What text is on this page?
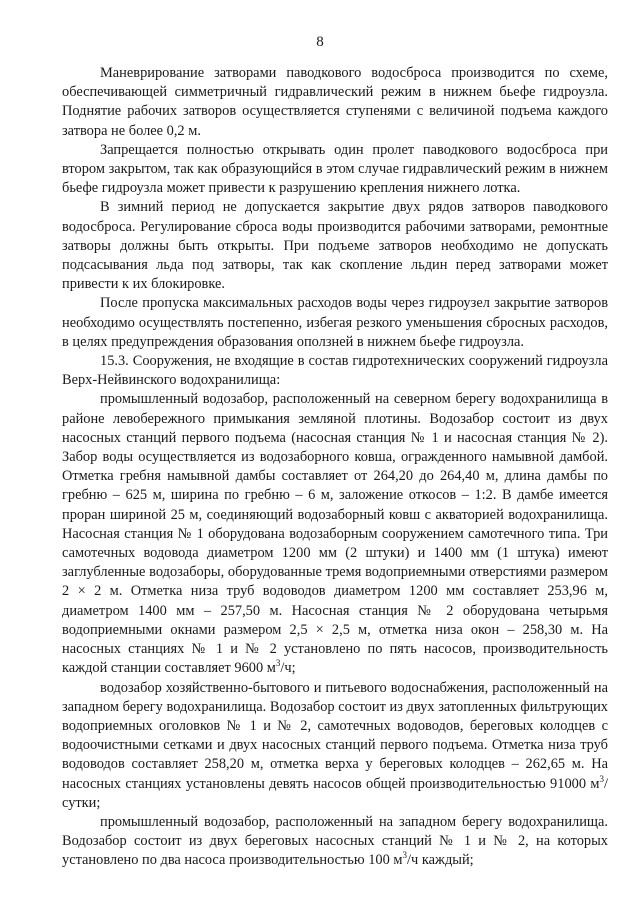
8

Маневрирование затворами паводкового водосброса производится по схеме, обеспечивающей симметричный гидравлический режим в нижнем бьефе гидроузла. Поднятие рабочих затворов осуществляется ступенями с величиной подъема каждого затвора не более 0,2 м.

Запрещается полностью открывать один пролет паводкового водосброса при втором закрытом, так как образующийся в этом случае гидравлический режим в нижнем бьефе гидроузла может привести к разрушению крепления нижнего лотка.

В зимний период не допускается закрытие двух рядов затворов паводкового водосброса. Регулирование сброса воды производится рабочими затворами, ремонтные затворы должны быть открыты. При подъеме затворов необходимо не допускать подсасывания льда под затворы, так как скопление льдин перед затворами может привести к их блокировке.

После пропуска максимальных расходов воды через гидроузел закрытие затворов необходимо осуществлять постепенно, избегая резкого уменьшения сбросных расходов, в целях предупреждения образования оползней в нижнем бьефе гидроузла.

15.3. Сооружения, не входящие в состав гидротехнических сооружений гидроузла Верх-Нейвинского водохранилища:

промышленный водозабор, расположенный на северном берегу водохранилища в районе левобережного примыкания земляной плотины. Водозабор состоит из двух насосных станций первого подъема (насосная станция № 1 и насосная станция № 2). Забор воды осуществляется из водозаборного ковша, огражденного намывной дамбой. Отметка гребня намывной дамбы составляет от 264,20 до 264,40 м, длина дамбы по гребню – 625 м, ширина по гребню – 6 м, заложение откосов – 1:2. В дамбе имеется проран шириной 25 м, соединяющий водозаборный ковш с акваторией водохранилища. Насосная станция № 1 оборудована водозаборным сооружением самотечного типа. Три самотечных водовода диаметром 1200 мм (2 штуки) и 1400 мм (1 штука) имеют заглубленные водозаборы, оборудованные тремя водоприемными отверстиями размером 2 × 2 м. Отметка низа труб водоводов диаметром 1200 мм составляет 253,96 м, диаметром 1400 мм – 257,50 м. Насосная станция № 2 оборудована четырьмя водоприемными окнами размером 2,5 × 2,5 м, отметка низа окон – 258,30 м. На насосных станциях № 1 и № 2 установлено по пять насосов, производительность каждой станции составляет 9600 $м^3/ч$;

водозабор хозяйственно-бытового и питьевого водоснабжения, расположенный на западном берегу водохранилища. Водозабор состоит из двух затопленных фильтрующих водоприемных оголовков № 1 и № 2, самотечных водоводов, береговых колодцев с водоочистными сетками и двух насосных станций первого подъема. Отметка низа труб водоводов составляет 258,20 м, отметка верха у береговых колодцев – 262,65 м. На насосных станциях установлены девять насосов общей производительностью 91000 $м^3$/сутки;

промышленный водозабор, расположенный на западном берегу водохранилища. Водозабор состоит из двух береговых насосных станций № 1 и № 2, на которых установлено по два насоса производительностью 100 $м^3/ч$ каждый;
